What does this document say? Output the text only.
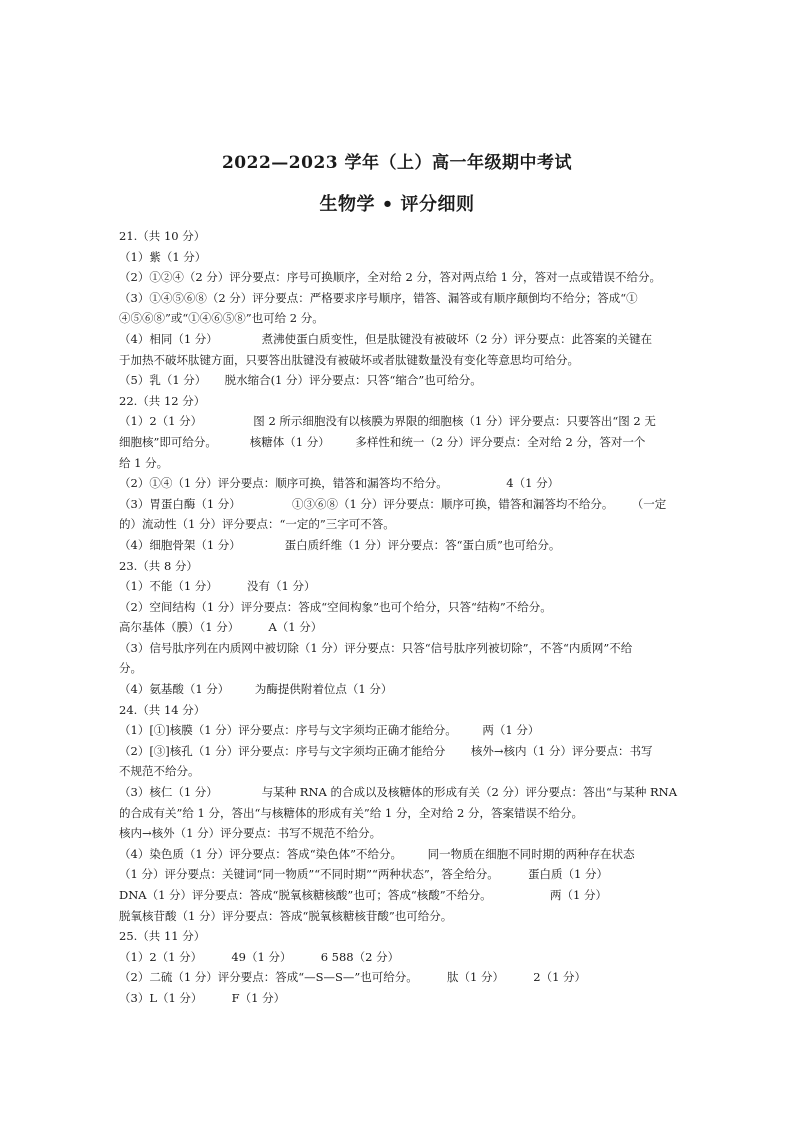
2022—2023 学年（上）高一年级期中考试
生物学 • 评分细则
21.（共 10 分）
（1）紫（1 分）
（2）①②④（2 分）评分要点：序号可换顺序，全对给 2 分，答对两点给 1 分，答对一点或错误不给分。
（3）①④⑤⑥⑧（2 分）评分要点：严格要求序号顺序，错答、漏答或有顺序颠倒均不给分；答成“①
④⑤⑥⑧”或“①④⑥⑤⑧”也可给 2 分。
（4）相同（1 分）            煮沸使蛋白质变性，但是肽键没有被破坏（2 分）评分要点：此答案的关键在
于加热不破坏肽键方面，只要答出肽键没有被破坏或者肽键数量没有变化等意思均可给分。
（5）乳（1 分）     脱水缩合(1 分）评分要点：只答“缩合”也可给分。
22.（共 12 分）
（1）2（1 分）              图 2 所示细胞没有以核膜为界限的细胞核（1 分）评分要点：只要答出“图 2 无
细胞核”即可给分。         核糖体（1 分）       多样性和统一（2 分）评分要点：全对给 2 分，答对一个
给 1 分。
（2）①④（1 分）评分要点：顺序可换，错答和漏答均不给分。                4（1 分）
（3）胃蛋白酶（1 分）              ①③⑥⑧（1 分）评分要点：顺序可换，错答和漏答均不给分。     （一定
的）流动性（1 分）评分要点：“一定的”三字可不答。
（4）细胞骨架（1 分）            蛋白质纤维（1 分）评分要点：答“蛋白质”也可给分。
23.（共 8 分）
（1）不能（1 分）        没有（1 分）
（2）空间结构（1 分）评分要点：答成“空间构象”也可个给分，只答“结构”不给分。
高尔基体（膜）（1 分）        A（1 分）
（3）信号肽序列在内质网中被切除（1 分）评分要点：只答“信号肽序列被切除”，不答“内质网”不给
分。
（4）氨基酸（1 分）       为酶提供附着位点（1 分）
24.（共 14 分）
（1）[①]核膜（1 分）评分要点：序号与文字须均正确才能给分。       两（1 分）
（2）[③]核孔（1 分）评分要点：序号与文字须均正确才能给分       核外→核内（1 分）评分要点：书写
不规范不给分。
（3）核仁（1 分）            与某种 RNA 的合成以及核糖体的形成有关（2 分）评分要点：答出“与某种 RNA
的合成有关”给 1 分，答出“与核糖体的形成有关”给 1 分，全对给 2 分，答案错误不给分。
核内→核外（1 分）评分要点：书写不规范不给分。
（4）染色质（1 分）评分要点：答成“染色体”不给分。       同一物质在细胞不同时期的两种存在状态
（1 分）评分要点：关键词“同一物质”“不同时期”“两种状态”，答全给分。        蛋白质（1 分）
DNA（1 分）评分要点：答成“脱氧核糖核酸”也可；答成“核酸”不给分。                两（1 分）
脱氧核苷酸（1 分）评分要点：答成“脱氧核糖核苷酸”也可给分。
25.（共 11 分）
（1）2（1 分）        49（1 分）        6 588（2 分）
（2）二硫（1 分）评分要点：答成“—S—S—”也可给分。        肽（1 分）        2（1 分）
（3）L（1 分）        F（1 分）
